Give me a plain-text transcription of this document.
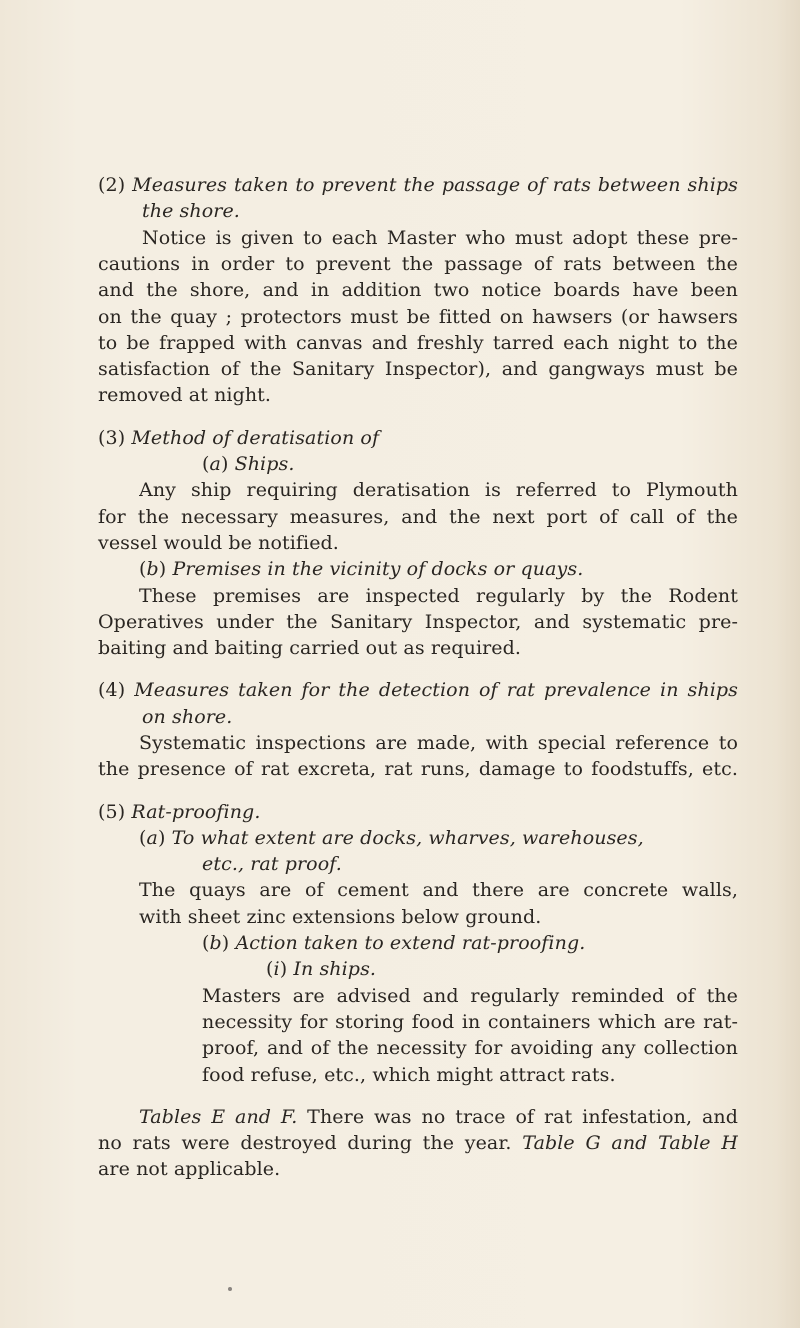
(2) Measures taken to prevent the passage of rats between ships
the shore.
Notice is given to each Master who must adopt these pre-
cautions in order to prevent the passage of rats between the
and the shore, and in addition two notice boards have been
on the quay ; protectors must be fitted on hawsers (or hawsers
to be frapped with canvas and freshly tarred each night to the
satisfaction of the Sanitary Inspector), and gangways must be
removed at night.
(3) Method of deratisation of
(a) Ships.
Any ship requiring deratisation is referred to Plymouth
for the necessary measures, and the next port of call of the
vessel would be notified.
(b) Premises in the vicinity of docks or quays.
These premises are inspected regularly by the Rodent
Operatives under the Sanitary Inspector, and systematic pre-
baiting and baiting carried out as required.
(4) Measures taken for the detection of rat prevalence in ships
on shore.
Systematic inspections are made, with special reference to
the presence of rat excreta, rat runs, damage to foodstuffs, etc.
(5) Rat-proofing.
(a) To what extent are docks, wharves, warehouses,
etc., rat proof.
The quays are of cement and there are concrete walls,
with sheet zinc extensions below ground.
(b) Action taken to extend rat-proofing.
(i) In ships.
Masters are advised and regularly reminded of the
necessity for storing food in containers which are rat-
proof, and of the necessity for avoiding any collection
food refuse, etc., which might attract rats.
Tables E and F. There was no trace of rat infestation, and
no rats were destroyed during the year. Table G and Table H
are not applicable.
